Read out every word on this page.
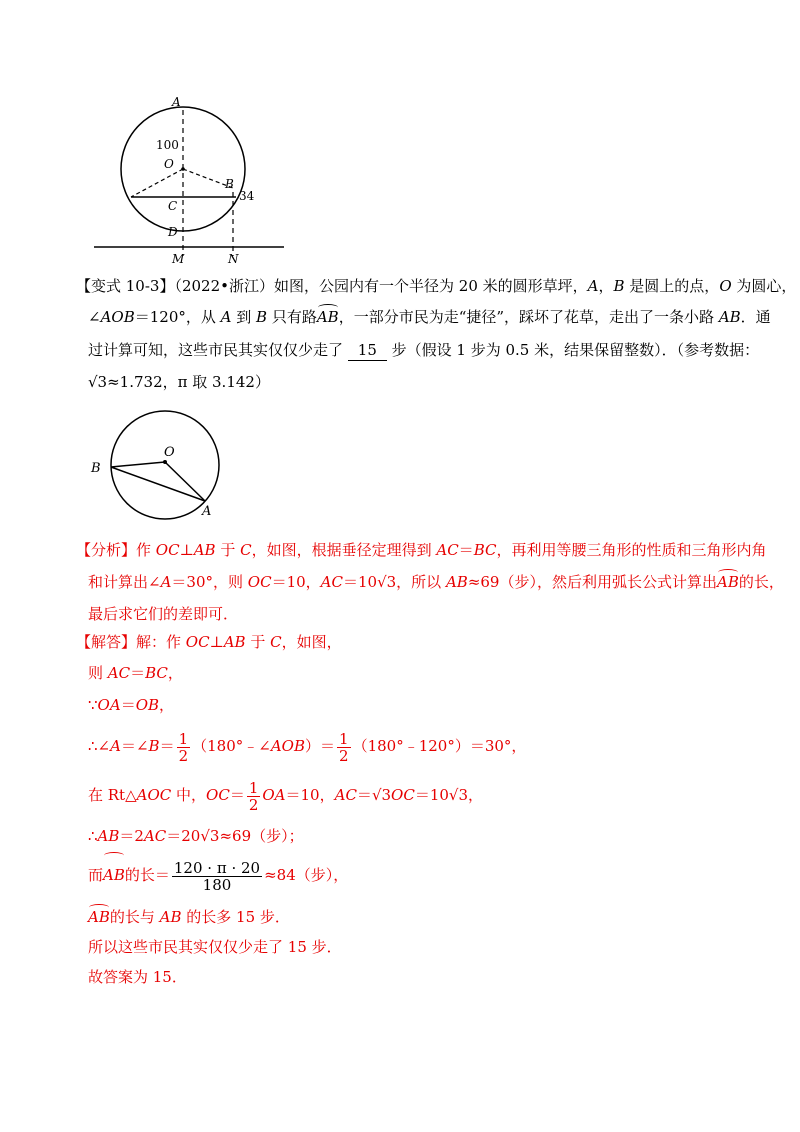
A
100
O
B
34
C
D
M	N
【变式 10-3】（2022•浙江）如图，公园内有一个半径为 20 米的圆形草坪，A，B 是圆上的点，O 为圆心，
∠AOB＝120°，从 A 到 B 只有路AB，一部分市民为走“捷径”，踩坏了花草，走出了一条小路 AB．通
过计算可知，这些市民其实仅仅少走了 15 步（假设 1 步为 0.5 米，结果保留整数）．（参考数据：
√3≈1.732，π 取 3.142）
O
B
A
【分析】作 OC⊥AB 于 C，如图，根据垂径定理得到 AC＝BC，再利用等腰三角形的性质和三角形内角
和计算出∠A＝30°，则 OC＝10，AC＝10√3，所以 AB≈69（步），然后利用弧长公式计算出AB的长，
最后求它们的差即可．
【解答】解：作 OC⊥AB 于 C，如图，
则 AC＝BC，
∵OA＝OB，
∴∠A＝∠B＝ $\frac{1}{2}$ （180°﹣∠AOB）＝ $\frac{1}{2}$ （180°﹣120°）＝30°，
在 Rt△AOC 中，$OC= \frac{1}{2} OA=10$，AC＝√3OC＝10√3，
∴AB＝2AC＝20√3≈69（步）；
而AB的长＝ $\frac{120 \cdot \pi \cdot 20}{180} \approx 84$（步），
AB的长与 AB 的长多 15 步．
所以这些市民其实仅仅少走了 15 步．
故答案为 15．
